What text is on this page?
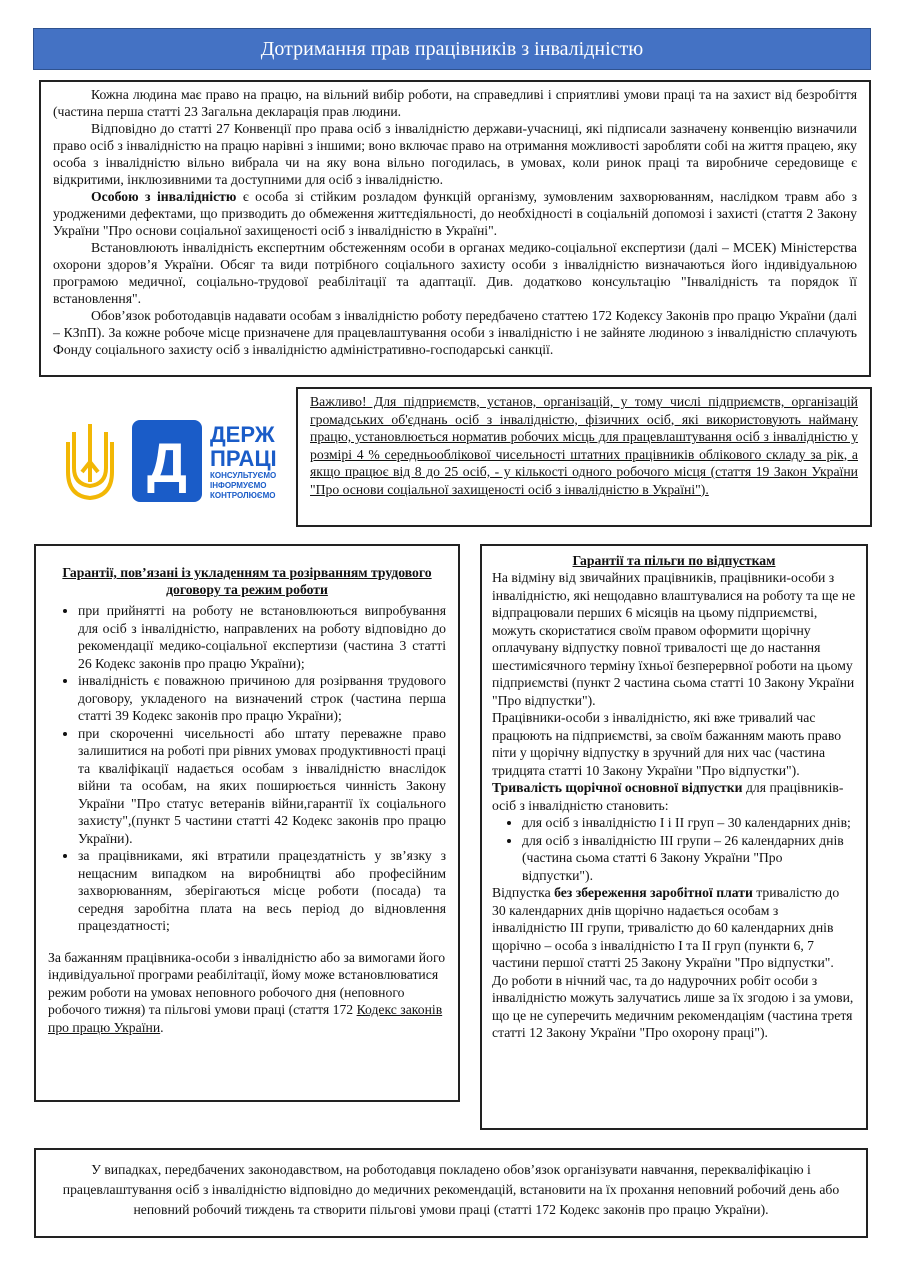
Дотримання прав працівників з інвалідністю

Кожна людина має право на працю, на вільний вибір роботи, на справедливі і сприятливі умови праці та на захист від безробіття (частина перша статті 23 Загальна декларація прав людини.

Відповідно до статті 27 Конвенції про права осіб з інвалідністю держави-учасниці, які підписали зазначену конвенцію визначили право осіб з інвалідністю на працю нарівні з іншими; воно включає право на отримання можливості заробляти собі на життя працею, яку особа з інвалідністю вільно вибрала чи на яку вона вільно погодилась, в умовах, коли ринок праці та виробниче середовище є відкритими, інклюзивними та доступними для осіб з інвалідністю.

Особою з інвалідністю є особа зі стійким розладом функцій організму, зумовленим захворюванням, наслідком травм або з уродженими дефектами, що призводить до обмеження життєдіяльності, до необхідності в соціальній допомозі і захисті (стаття 2 Закону України "Про основи соціальної захищеності осіб з інвалідністю в Україні".

Встановлюють інвалідність експертним обстеженням особи в органах медико-соціальної експертизи (далі – МСЕК) Міністерства охорони здоров’я України. Обсяг та види потрібного соціального захисту особи з інвалідністю визначаються його індивідуальною програмою медичної, соціально-трудової реабілітації та адаптації. Див. додатково консультацію "Інвалідність та порядок її встановлення".

Обов’язок роботодавців надавати особам з інвалідністю роботу передбачено статтею 172 Кодексу Законів про працю України (далі – КЗпП). За кожне робоче місце призначене для працевлаштування особи з інвалідністю і не зайняте людиною з інвалідністю сплачують Фонду соціального захисту осіб з інвалідністю адміністративно-господарські санкції.

Д ДЕРЖ
ПРАЦІ
КОНСУЛЬТУЄМО
ІНФОРМУЄМО
КОНТРОЛЮЄМО

Важливо! Для підприємств, установ, організацій, у тому числі підприємств, організацій громадських об'єднань осіб з інвалідністю, фізичних осіб, які використовують найману працю, установлюється норматив робочих місць для працевлаштування осіб з інвалідністю у розмірі 4 % середньооблікової чисельності штатних працівників облікового складу за рік, а якщо працює від 8 до 25 осіб, - у кількості одного робочого місця (стаття 19 Закон України "Про основи соціальної захищеності осіб з інвалідністю в Україні").

Гарантії, пов’язані із укладенням та розірванням трудового договору та режим роботи
• при прийнятті на роботу не встановлюються випробування для осіб з інвалідністю, направлених на роботу відповідно до рекомендації медико-соціальної експертизи (частина 3 статті 26 Кодекс законів про працю України);
• інвалідність є поважною причиною для розірвання трудового договору, укладеного на визначений строк (частина перша статті 39 Кодекс законів про працю України);
• при скороченні чисельності або штату переважне право залишитися на роботі при рівних умовах продуктивності праці та кваліфікації надається особам з інвалідністю внаслідок війни та особам, на яких поширюється чинність Закону України "Про статус ветеранів війни,гарантії їх соціального захисту",(пункт 5 частини статті 42 Кодекс законів про працю України).
• за працівниками, які втратили працездатність у зв’язку з нещасним випадком на виробництві або професійним захворюванням, зберігаються місце роботи (посада) та середня заробітна плата на весь період до відновлення працездатності;
За бажанням працівника-особи з інвалідністю або за вимогами його індивідуальної програми реабілітації, йому може встановлюватися режим роботи на умовах неповного робочого дня (неповного робочого тижня) та пільгові умови праці (стаття 172 Кодекс законів про працю України.
Гарантії та пільги по відпусткам

На відміну від звичайних працівників, працівники-особи з інвалідністю, які нещодавно влаштувалися на роботу та ще не відпрацювали перших 6 місяців на цьому підприємстві, можуть скористатися своїм правом оформити щорічну оплачувану відпустку повної тривалості ще до настання шестимісячного терміну їхньої безперервної роботи на цьому підприємстві (пункт 2 частина сьома статті 10 Закону України "Про відпустки").

Працівники-особи з інвалідністю, які вже тривалий час працюють на підприємстві, за своїм бажанням мають право піти у щорічну відпустку в зручний для них час (частина тридцята статті 10 Закону України "Про відпустки").

Тривалість щорічної основної відпустки для працівників-осіб з інвалідністю становить:

• для осіб з інвалідністю I і II груп – 30 календарних днів;
• для осіб з інвалідністю III групи – 26 календарних днів (частина сьома статті 6 Закону України "Про відпустки").

Відпустка без збереження заробітної плати тривалістю до 30 календарних днів щорічно надається особам з інвалідністю III групи, тривалістю до 60 календарних днів щорічно – особа з інвалідністю I та II груп (пункти 6, 7 частини першої статті 25 Закону України "Про відпустки".

До роботи в нічний час, та до надурочних робіт особи з інвалідністю можуть залучатись лише за їх згодою і за умови, що це не суперечить медичним рекомендаціям (частина третя статті 12 Закону України "Про охорону праці").

У випадках, передбачених законодавством, на роботодавця покладено обов’язок організувати навчання, перекваліфікацію і працевлаштування осіб з інвалідністю відповідно до медичних рекомендацій, встановити на їх прохання неповний робочий день або неповний робочий тиждень та створити пільгові умови праці (статті 172 Кодекс законів про працю України).
